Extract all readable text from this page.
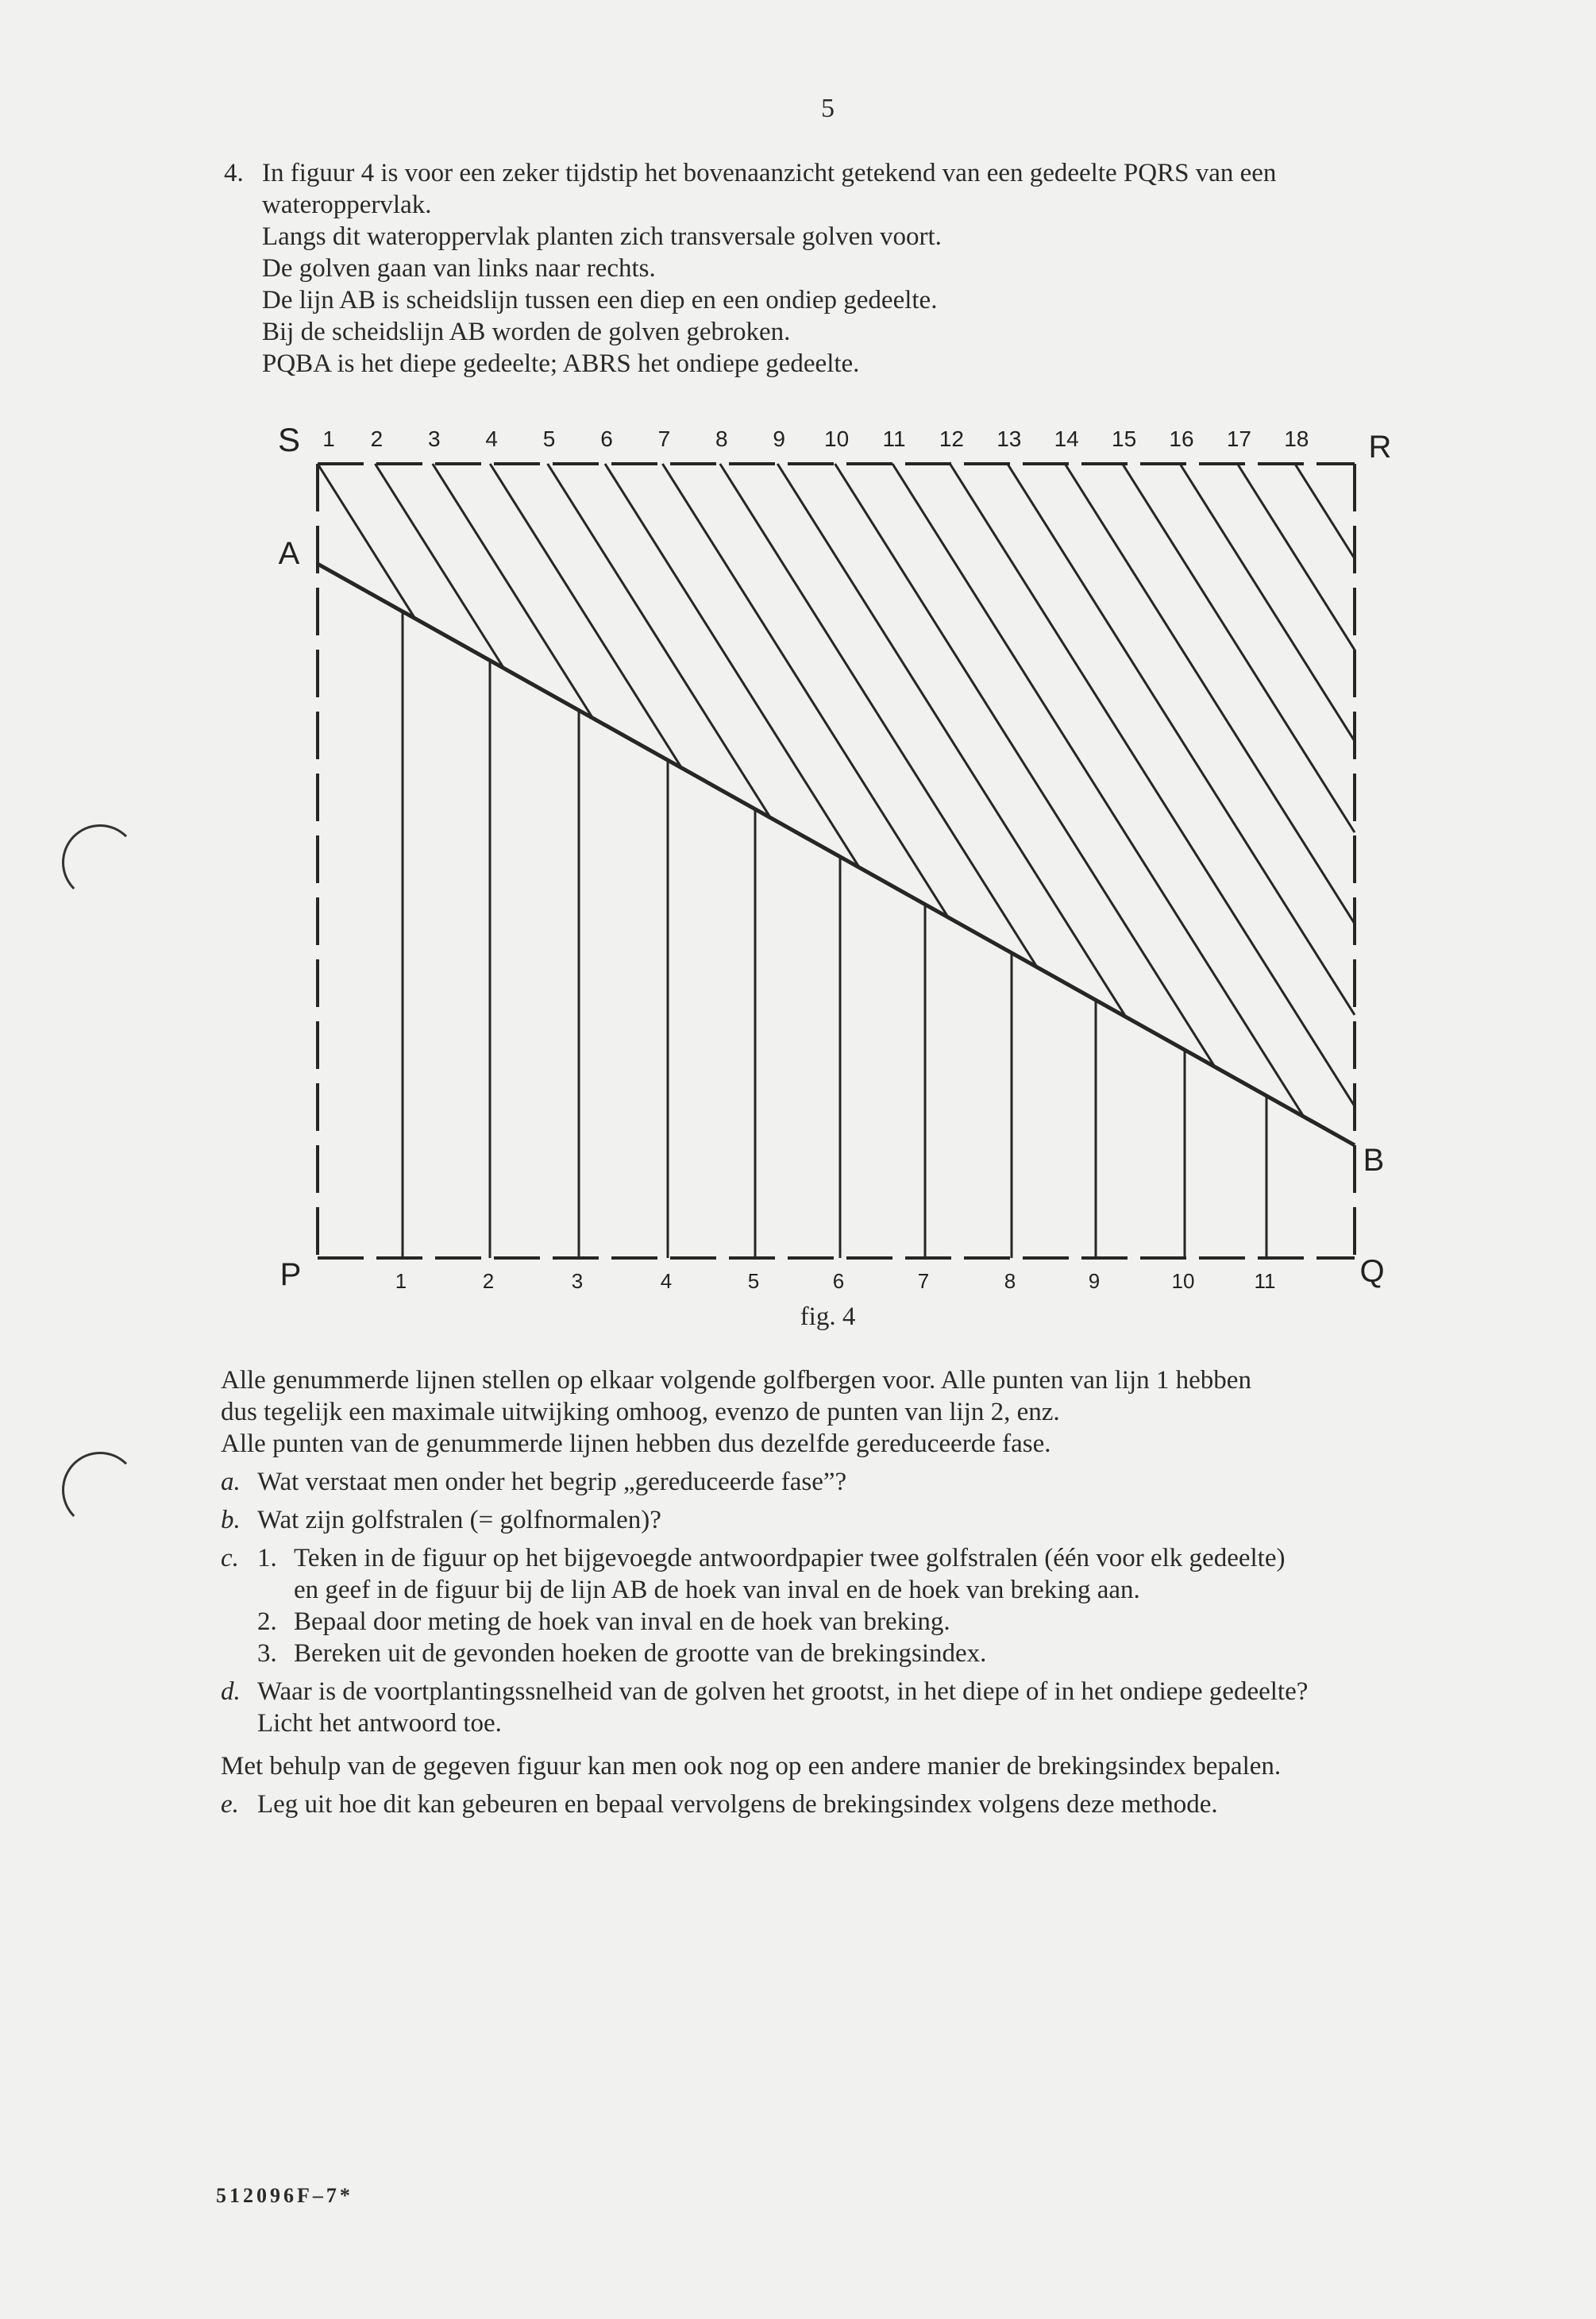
5
4. In figuur 4 is voor een zeker tijdstip het bovenaanzicht getekend van een gedeelte PQRS van een
wateroppervlak.
Langs dit wateroppervlak planten zich transversale golven voort.
De golven gaan van links naar rechts.
De lijn AB is scheidslijn tussen een diep en een ondiep gedeelte.
Bij de scheidslijn AB worden de golven gebroken.
PQBA is het diepe gedeelte; ABRS het ondiepe gedeelte.
1 2 3 4 5 6 7 8 9 10 11 12 13 14 15 16 17 18
1	2	3	4	5	6	7	8	9	10	11
S	R
A
B
P	Q
fig. 4
Alle genummerde lijnen stellen op elkaar volgende golfbergen voor. Alle punten van lijn 1 hebben
dus tegelijk een maximale uitwijking omhoog, evenzo de punten van lijn 2, enz.
Alle punten van de genummerde lijnen hebben dus dezelfde gereduceerde fase.
a. Wat verstaat men onder het begrip „gereduceerde fase”?
b. Wat zijn golfstralen (= golfnormalen)?
c. 1. Teken in de figuur op het bijgevoegde antwoordpapier twee golfstralen (één voor elk gedeelte)
en geef in de figuur bij de lijn AB de hoek van inval en de hoek van breking aan.
2. Bepaal door meting de hoek van inval en de hoek van breking.
3. Bereken uit de gevonden hoeken de grootte van de brekingsindex.
d. Waar is de voortplantingssnelheid van de golven het grootst, in het diepe of in het ondiepe gedeelte?
Licht het antwoord toe.
Met behulp van de gegeven figuur kan men ook nog op een andere manier de brekingsindex bepalen.
e. Leg uit hoe dit kan gebeuren en bepaal vervolgens de brekingsindex volgens deze methode.
512096F–7*
